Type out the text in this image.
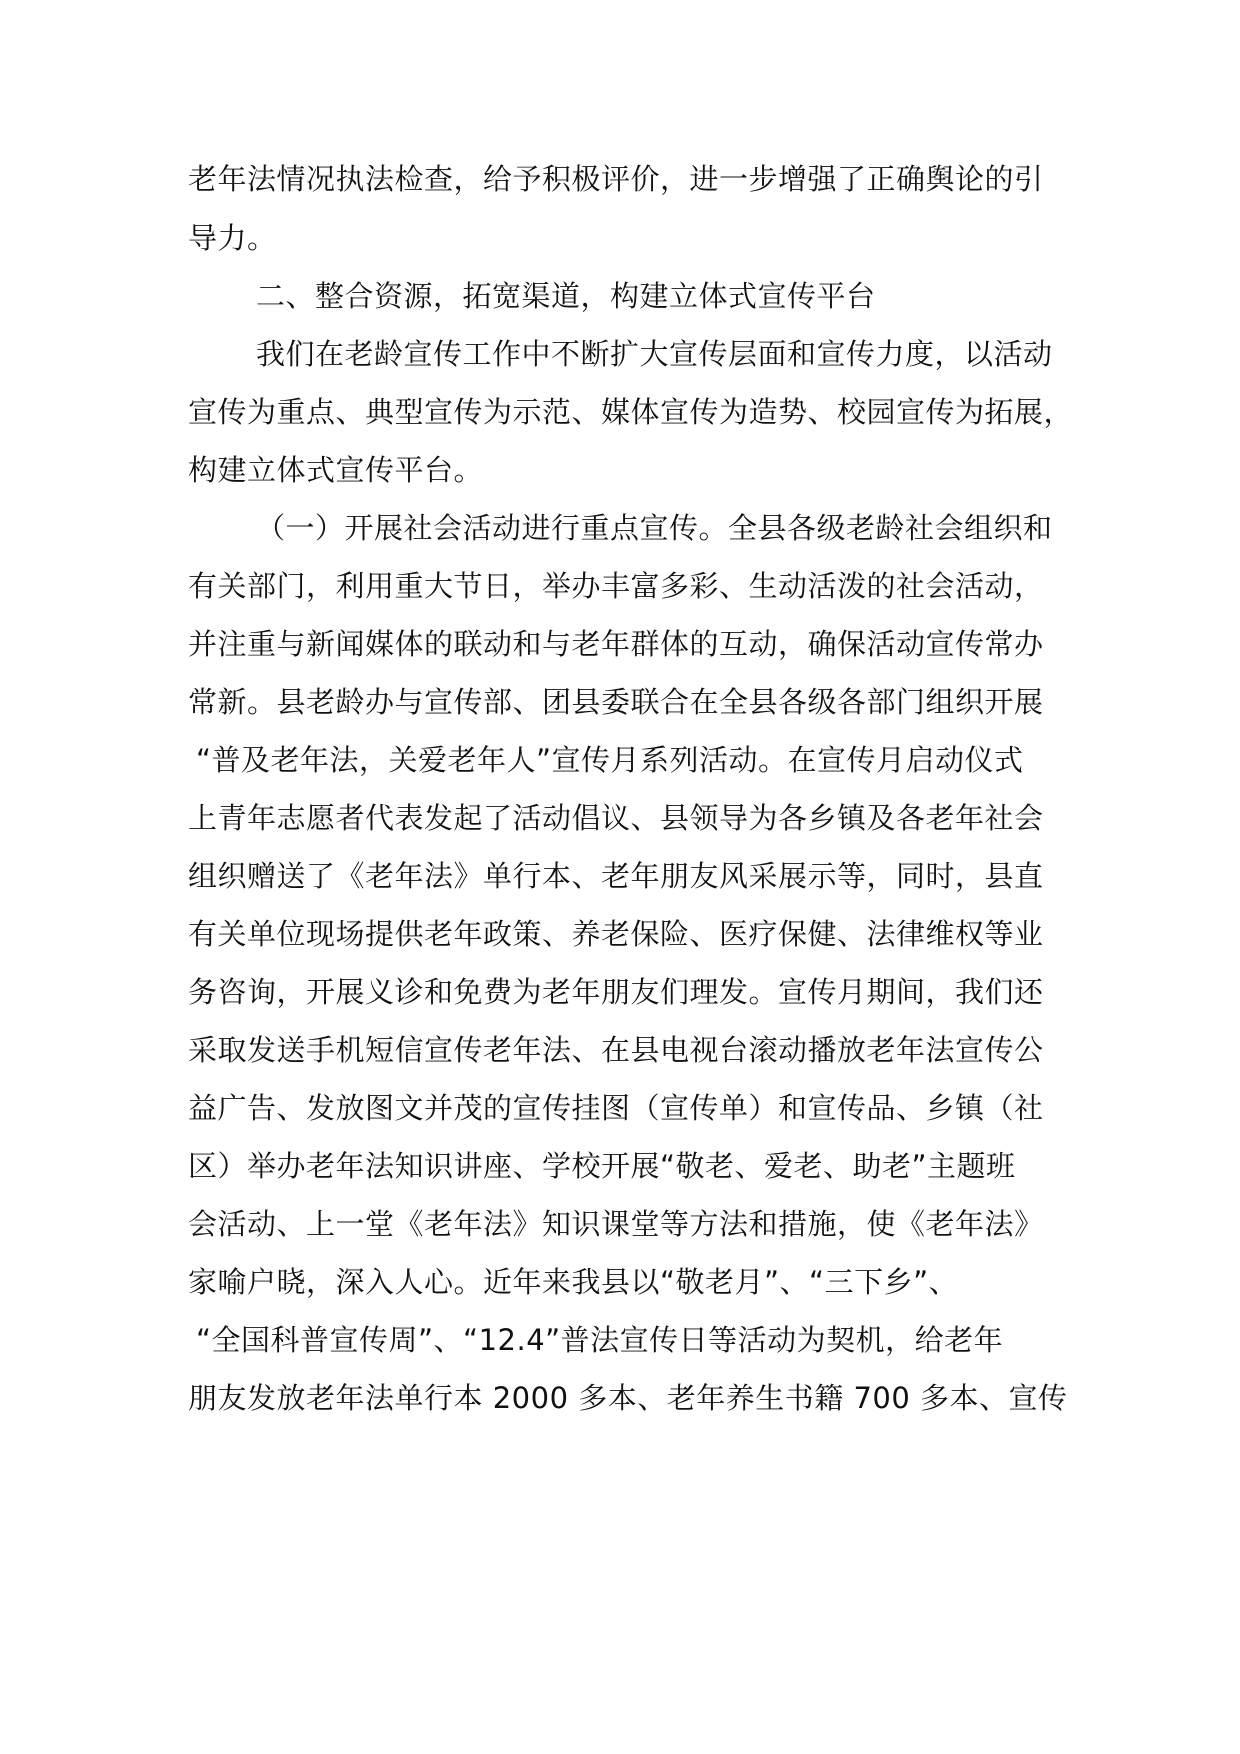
老年法情况执法检查，给予积极评价，进一步增强了正确舆论的引
导力。
二、整合资源，拓宽渠道，构建立体式宣传平台
我们在老龄宣传工作中不断扩大宣传层面和宣传力度，以活动
宣传为重点、典型宣传为示范、媒体宣传为造势、校园宣传为拓展，
构建立体式宣传平台。
（一）开展社会活动进行重点宣传。全县各级老龄社会组织和
有关部门，利用重大节日，举办丰富多彩、生动活泼的社会活动，
并注重与新闻媒体的联动和与老年群体的互动，确保活动宣传常办
常新。县老龄办与宣传部、团县委联合在全县各级各部门组织开展
“普及老年法，关爱老年人”宣传月系列活动。在宣传月启动仪式
上青年志愿者代表发起了活动倡议、县领导为各乡镇及各老年社会
组织赠送了《老年法》单行本、老年朋友风采展示等，同时，县直
有关单位现场提供老年政策、养老保险、医疗保健、法律维权等业
务咨询，开展义诊和免费为老年朋友们理发。宣传月期间，我们还
采取发送手机短信宣传老年法、在县电视台滚动播放老年法宣传公
益广告、发放图文并茂的宣传挂图（宣传单）和宣传品、乡镇（社
区）举办老年法知识讲座、学校开展“敬老、爱老、助老”主题班
会活动、上一堂《老年法》知识课堂等方法和措施，使《老年法》
家喻户晓，深入人心。近年来我县以“敬老月”、“三下乡”、
“全国科普宣传周”、“12.4”普法宣传日等活动为契机，给老年
朋友发放老年法单行本 2000 多本、老年养生书籍 700 多本、宣传
